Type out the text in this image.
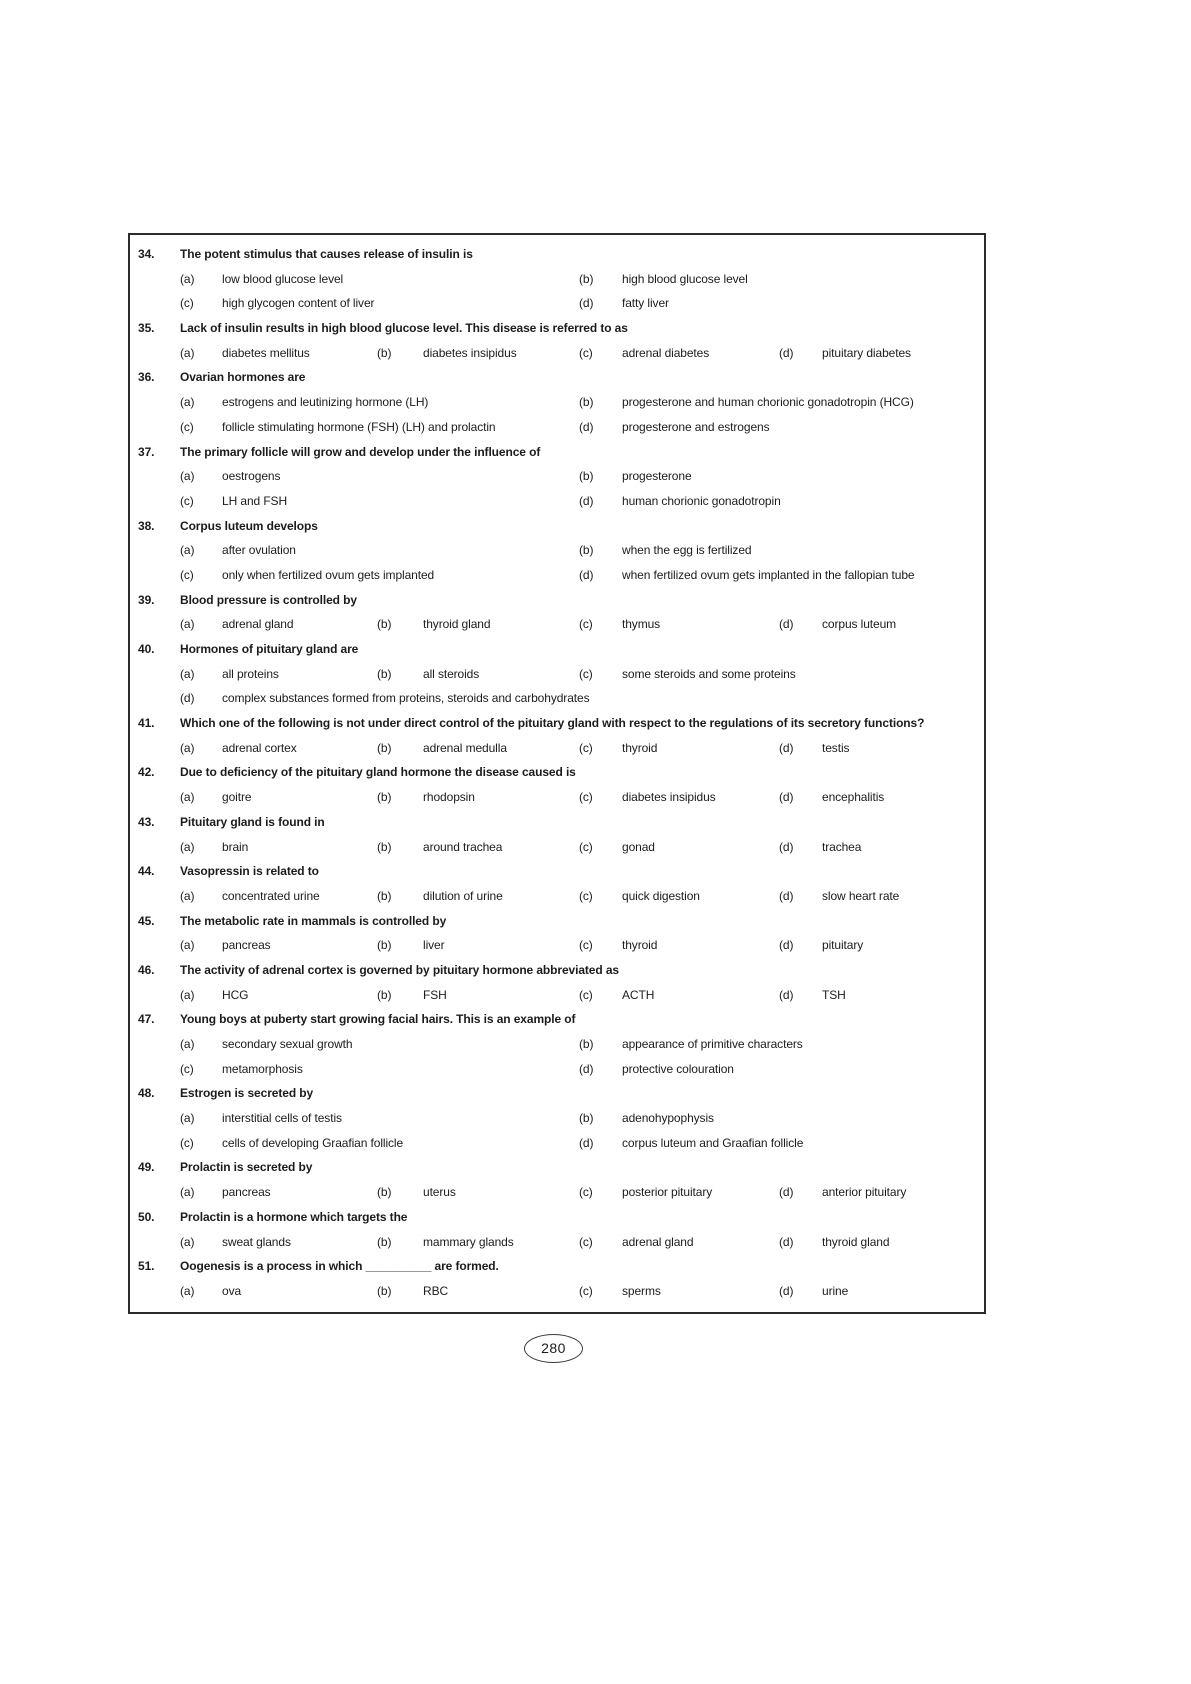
34.	The potent stimulus that causes release of insulin is
(a)	low blood glucose level	(b)	high blood glucose level
(c)	high glycogen content of liver	(d)	fatty liver
35.	Lack of insulin results in high blood glucose level. This disease is referred to as
(a)	diabetes mellitus	(b)	diabetes insipidus	(c)	adrenal diabetes	(d)	pituitary diabetes
36.	Ovarian hormones are
(a)	estrogens and leutinizing hormone (LH)	(b)	progesterone and human chorionic gonadotropin (HCG)
(c)	follicle stimulating hormone (FSH) (LH) and prolactin	(d)	progesterone and estrogens
37.	The primary follicle will grow and develop under the influence of
(a)	oestrogens	(b)	progesterone
(c)	LH and FSH	(d)	human chorionic gonadotropin
38.	Corpus luteum develops
(a)	after ovulation	(b)	when the egg is fertilized
(c)	only when fertilized ovum gets implanted	(d)	when fertilized ovum gets implanted in the fallopian tube
39.	Blood pressure is controlled by
(a)	adrenal gland	(b)	thyroid gland	(c)	thymus	(d)	corpus luteum
40.	Hormones of pituitary gland are
(a)	all proteins	(b)	all steroids	(c)	some steroids and some proteins
(d)	complex substances formed from proteins, steroids and carbohydrates
41.	Which one of the following is not under direct control of the pituitary gland with respect to the regulations of its secretory functions?
(a)	adrenal cortex	(b)	adrenal medulla	(c)	thyroid	(d)	testis
42.	Due to deficiency of the pituitary gland hormone the disease caused is
(a)	goitre	(b)	rhodopsin	(c)	diabetes insipidus	(d)	encephalitis
43.	Pituitary gland is found in
(a)	brain	(b)	around trachea	(c)	gonad	(d)	trachea
44.	Vasopressin is related to
(a)	concentrated urine	(b)	dilution of urine	(c)	quick digestion	(d)	slow heart rate
45.	The metabolic rate in mammals is controlled by
(a)	pancreas	(b)	liver	(c)	thyroid	(d)	pituitary
46.	The activity of adrenal cortex is governed by pituitary hormone abbreviated as
(a)	HCG	(b)	FSH	(c)	ACTH	(d)	TSH
47.	Young boys at puberty start growing facial hairs. This is an example of
(a)	secondary sexual growth	(b)	appearance of primitive characters
(c)	metamorphosis	(d)	protective colouration
48.	Estrogen is secreted by
(a)	interstitial cells of testis	(b)	adenohypophysis
(c)	cells of developing Graafian follicle	(d)	corpus luteum and Graafian follicle
49.	Prolactin is secreted by
(a)	pancreas	(b)	uterus	(c)	posterior pituitary	(d)	anterior pituitary
50.	Prolactin is a hormone which targets the
(a)	sweat glands	(b)	mammary glands	(c)	adrenal gland	(d)	thyroid gland
51.	Oogenesis is a process in which __________ are formed.
(a)	ova	(b)	RBC	(c)	sperms	(d)	urine
280
